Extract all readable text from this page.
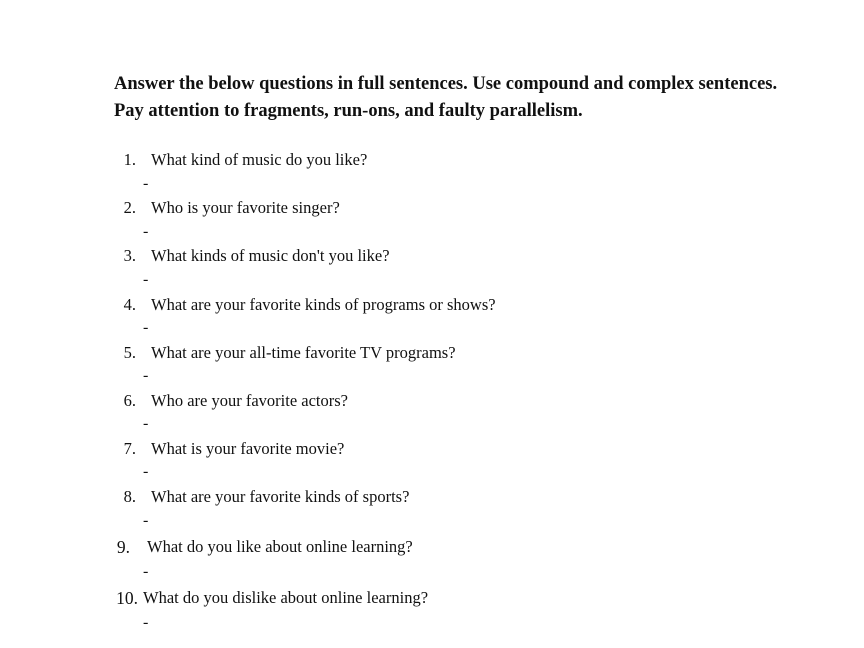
Answer the below questions in full sentences. Use compound and complex sentences.
Pay attention to fragments, run-ons, and faulty parallelism.

1. What kind of music do you like?
2. Who is your favorite singer?
3. What kinds of music don't you like?
4. What are your favorite kinds of programs or shows?
5. What are your all-time favorite TV programs?
6. Who are your favorite actors?
7. What is your favorite movie?
8. What are your favorite kinds of sports?
9. What do you like about online learning?
10. What do you dislike about online learning?
-
-
-
-
-
-
-
-
-
-
